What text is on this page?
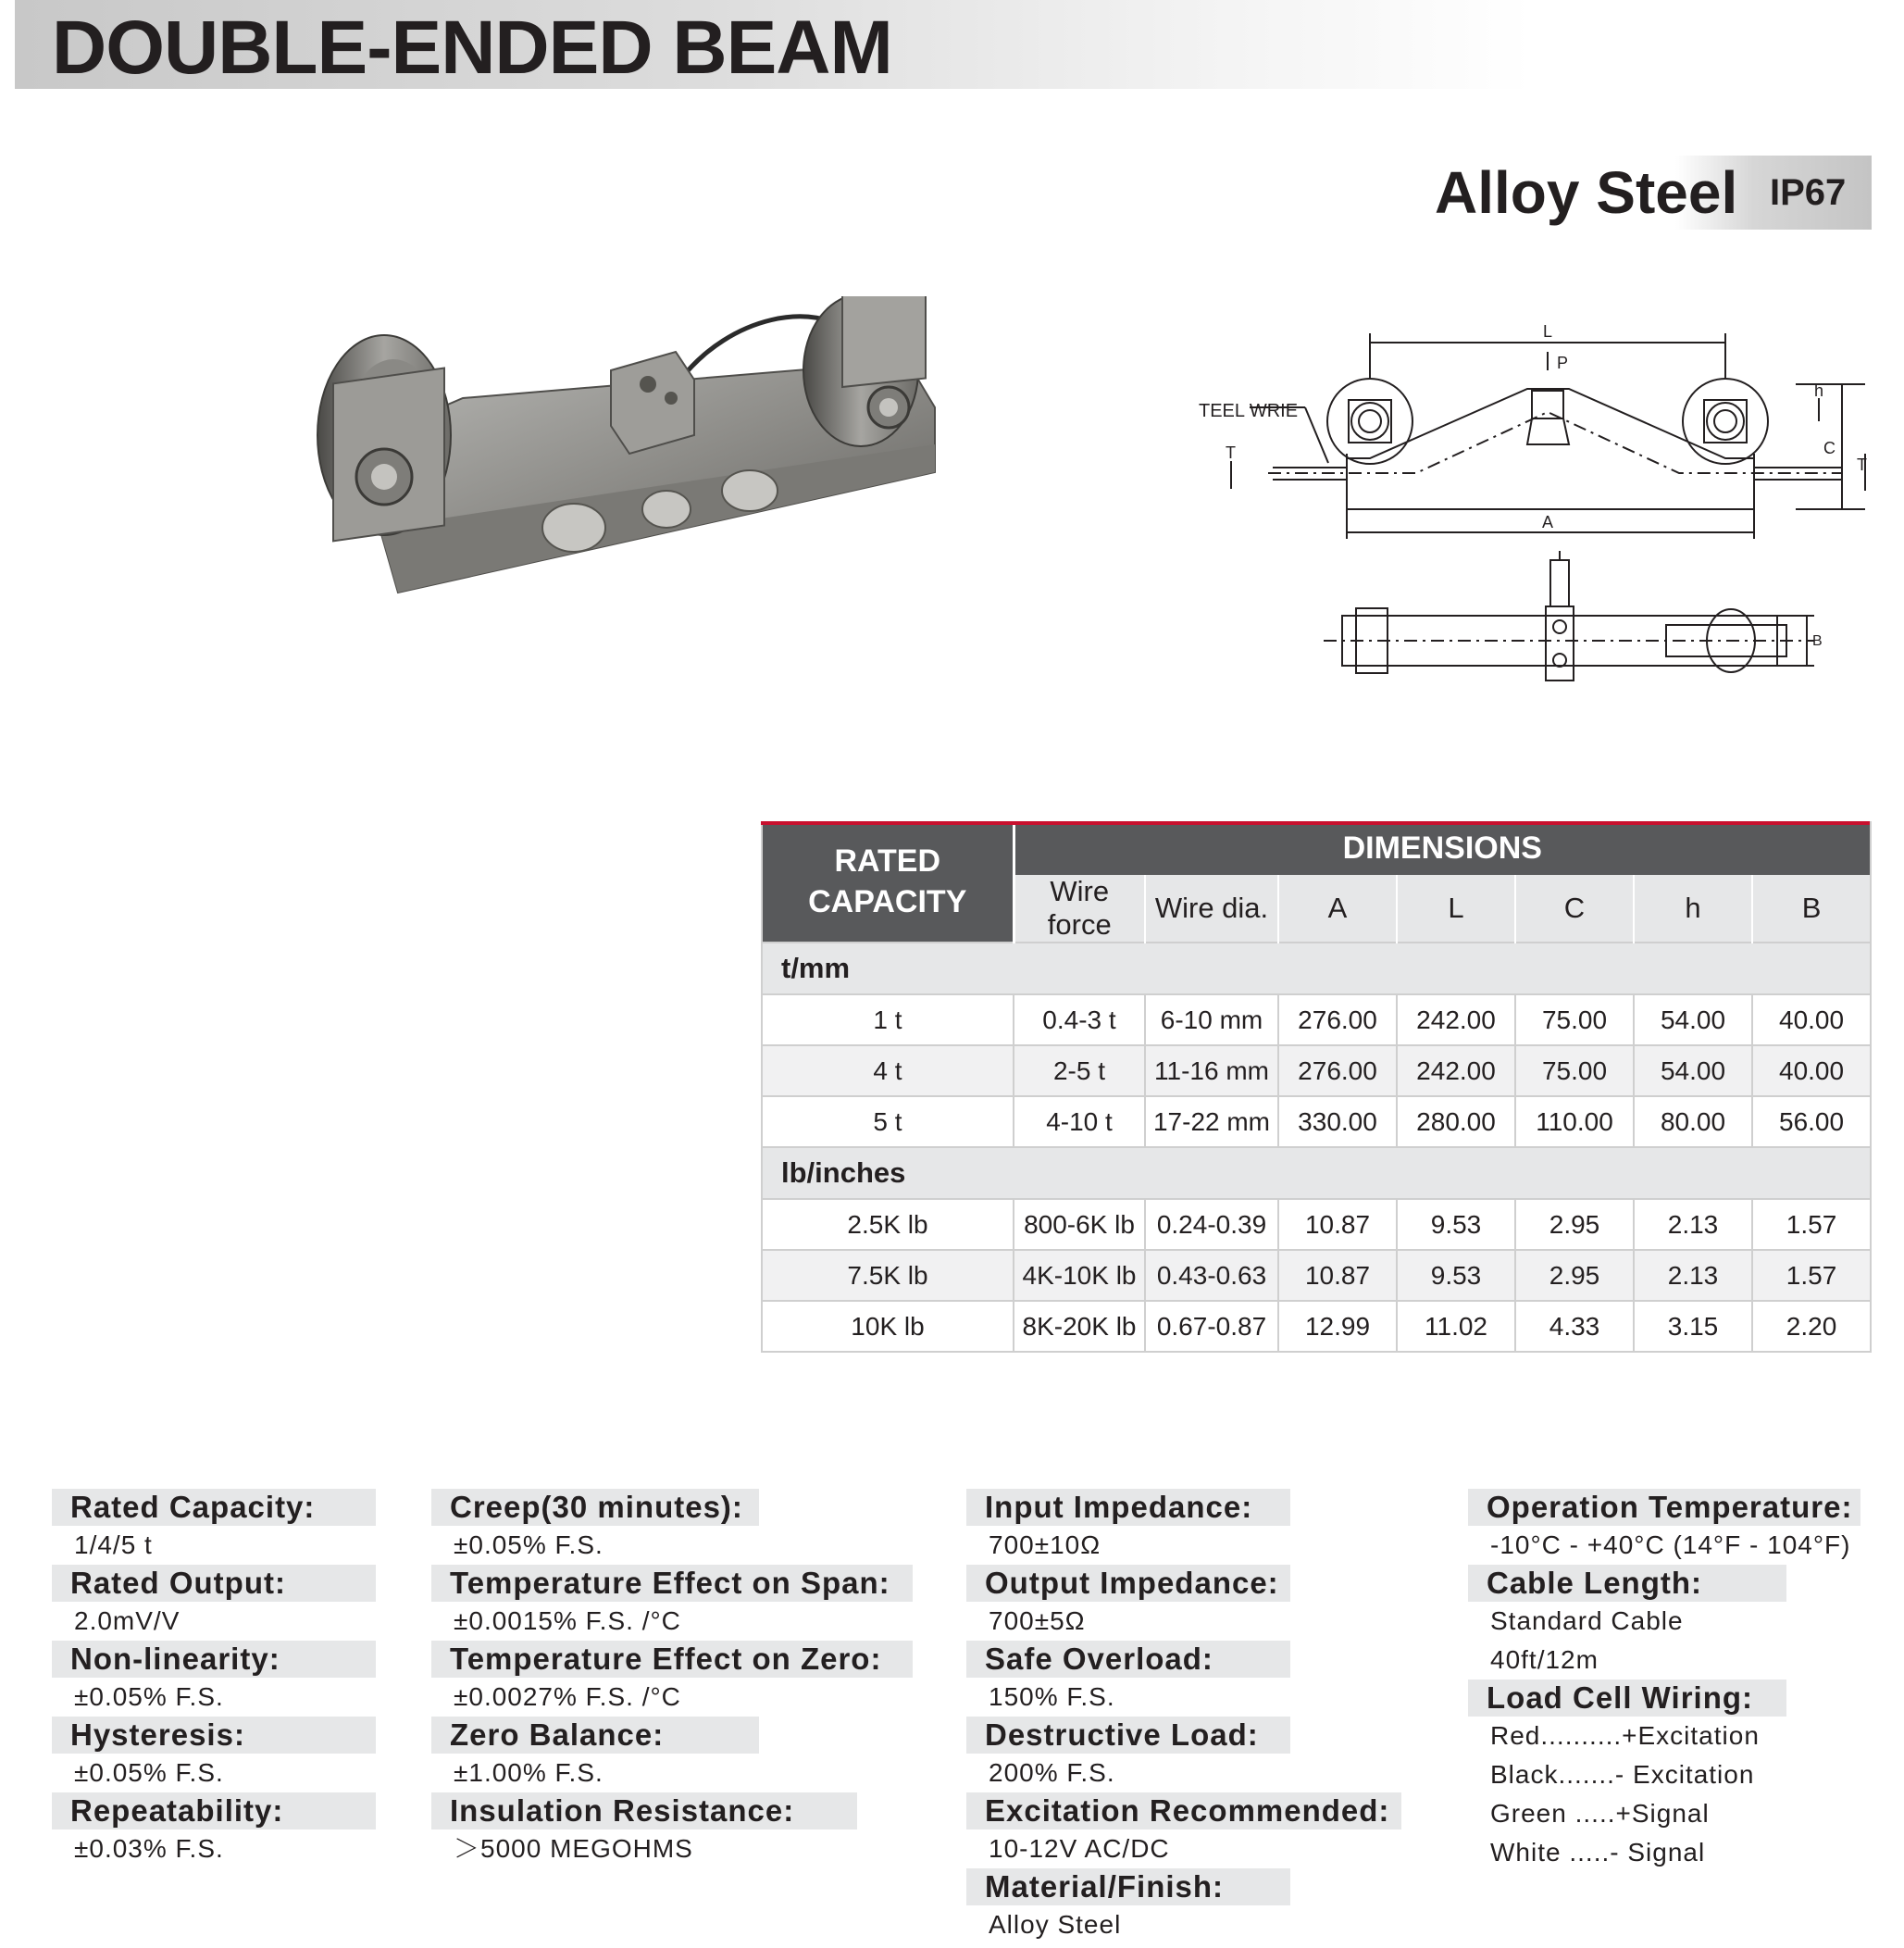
DOUBLE-ENDED BEAM
Alloy Steel IP67
L
P
TEEL WRIE
T
A
h
C
T
B
RATED CAPACITY	DIMENSIONS						
	Wire force	Wire dia.	A	L	C	h	B
t/mm							
1 t	0.4-3 t	6-10 mm	276.00	242.00	75.00	54.00	40.00
4 t	2-5 t	11-16 mm	276.00	242.00	75.00	54.00	40.00
5 t	4-10 t	17-22 mm	330.00	280.00	110.00	80.00	56.00
lb/inches							
2.5K lb	800-6K lb	0.24-0.39	10.87	9.53	2.95	2.13	1.57
7.5K lb	4K-10K lb	0.43-0.63	10.87	9.53	2.95	2.13	1.57
10K lb	8K-20K lb	0.67-0.87	12.99	11.02	4.33	3.15	2.20
Rated Capacity:
1/4/5 t
Rated Output:
2.0mV/V
Non-linearity:
±0.05% F.S.
Hysteresis:
±0.05% F.S.
Repeatability:
±0.03% F.S.
Creep(30 minutes):
±0.05% F.S.
Temperature Effect on Span:
±0.0015% F.S. /°C
Temperature Effect on Zero:
±0.0027% F.S. /°C
Zero Balance:
±1.00% F.S.
Insulation Resistance:
＞5000 MEGOHMS
Input Impedance:
700±10Ω
Output Impedance:
700±5Ω
Safe Overload:
150% F.S.
Destructive Load:
200% F.S.
Excitation Recommended:
10-12V AC/DC
Material/Finish:
Alloy Steel
Operation Temperature:
-10°C - +40°C (14°F - 104°F)
Cable Length:
Standard Cable
40ft/12m
Load Cell Wiring:
Red..........+Excitation
Black.......- Excitation
Green .....+Signal
White .....- Signal
